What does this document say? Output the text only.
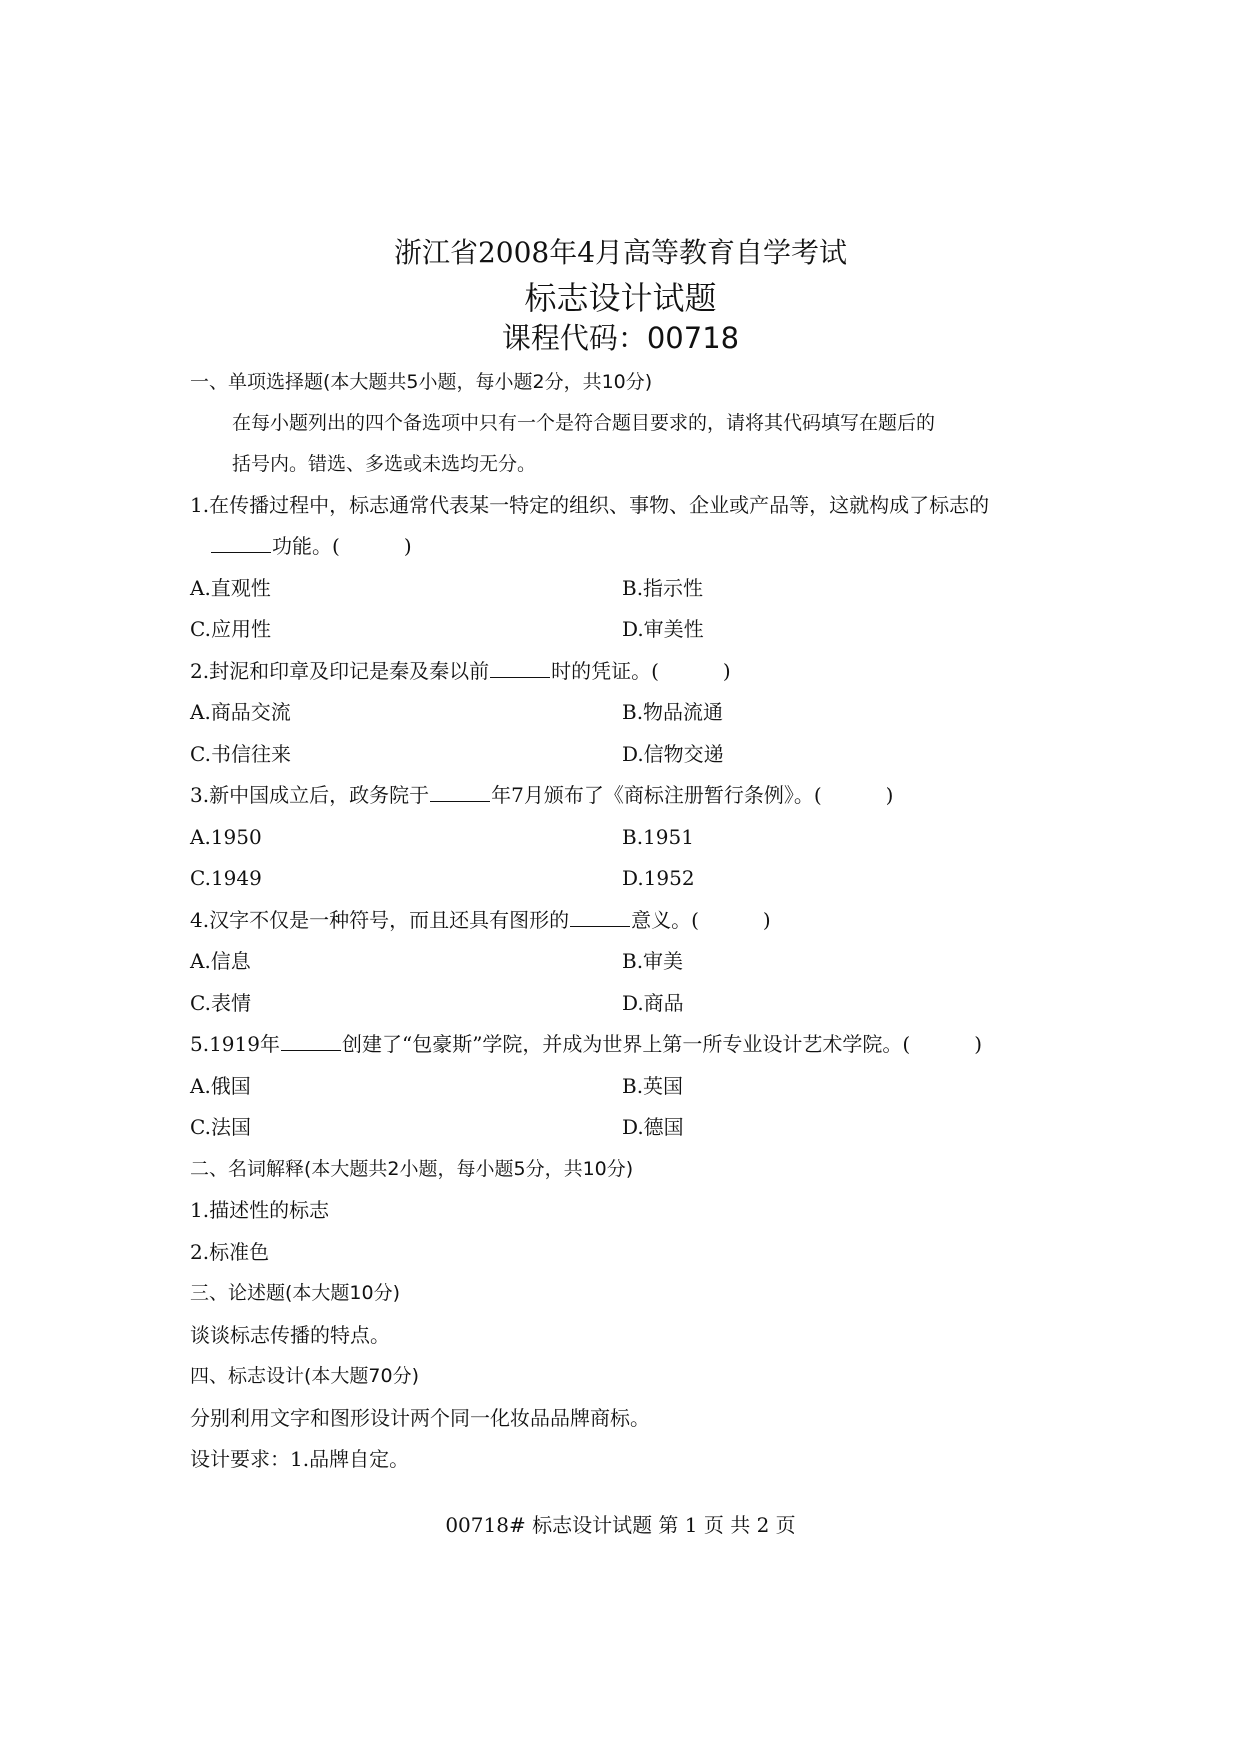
浙江省2008年4月高等教育自学考试
标志设计试题
课程代码：00718
一、单项选择题(本大题共5小题，每小题2分，共10分)
在每小题列出的四个备选项中只有一个是符合题目要求的，请将其代码填写在题后的
括号内。错选、多选或未选均无分。
1.在传播过程中，标志通常代表某一特定的组织、事物、企业或产品等，这就构成了标志的
功能。(	)
A.直观性	B.指示性
C.应用性	D.审美性
2.封泥和印章及印记是秦及秦以前	时的凭证。(	)
A.商品交流	B.物品流通
C.书信往来	D.信物交递
3.新中国成立后，政务院于	年7月颁布了《商标注册暂行条例》。(	)
A.1950	B.1951
C.1949	D.1952
4.汉字不仅是一种符号，而且还具有图形的	意义。(	)
A.信息	B.审美
C.表情	D.商品
5.1919年	创建了“包豪斯”学院，并成为世界上第一所专业设计艺术学院。(	)
A.俄国	B.英国
C.法国	D.德国
二、名词解释(本大题共2小题，每小题5分，共10分)
1.描述性的标志
2.标准色
三、论述题(本大题10分)
谈谈标志传播的特点。
四、标志设计(本大题70分)
分别利用文字和图形设计两个同一化妆品品牌商标。
设计要求：1.品牌自定。
00718# 标志设计试题 第 1 页 共 2 页
